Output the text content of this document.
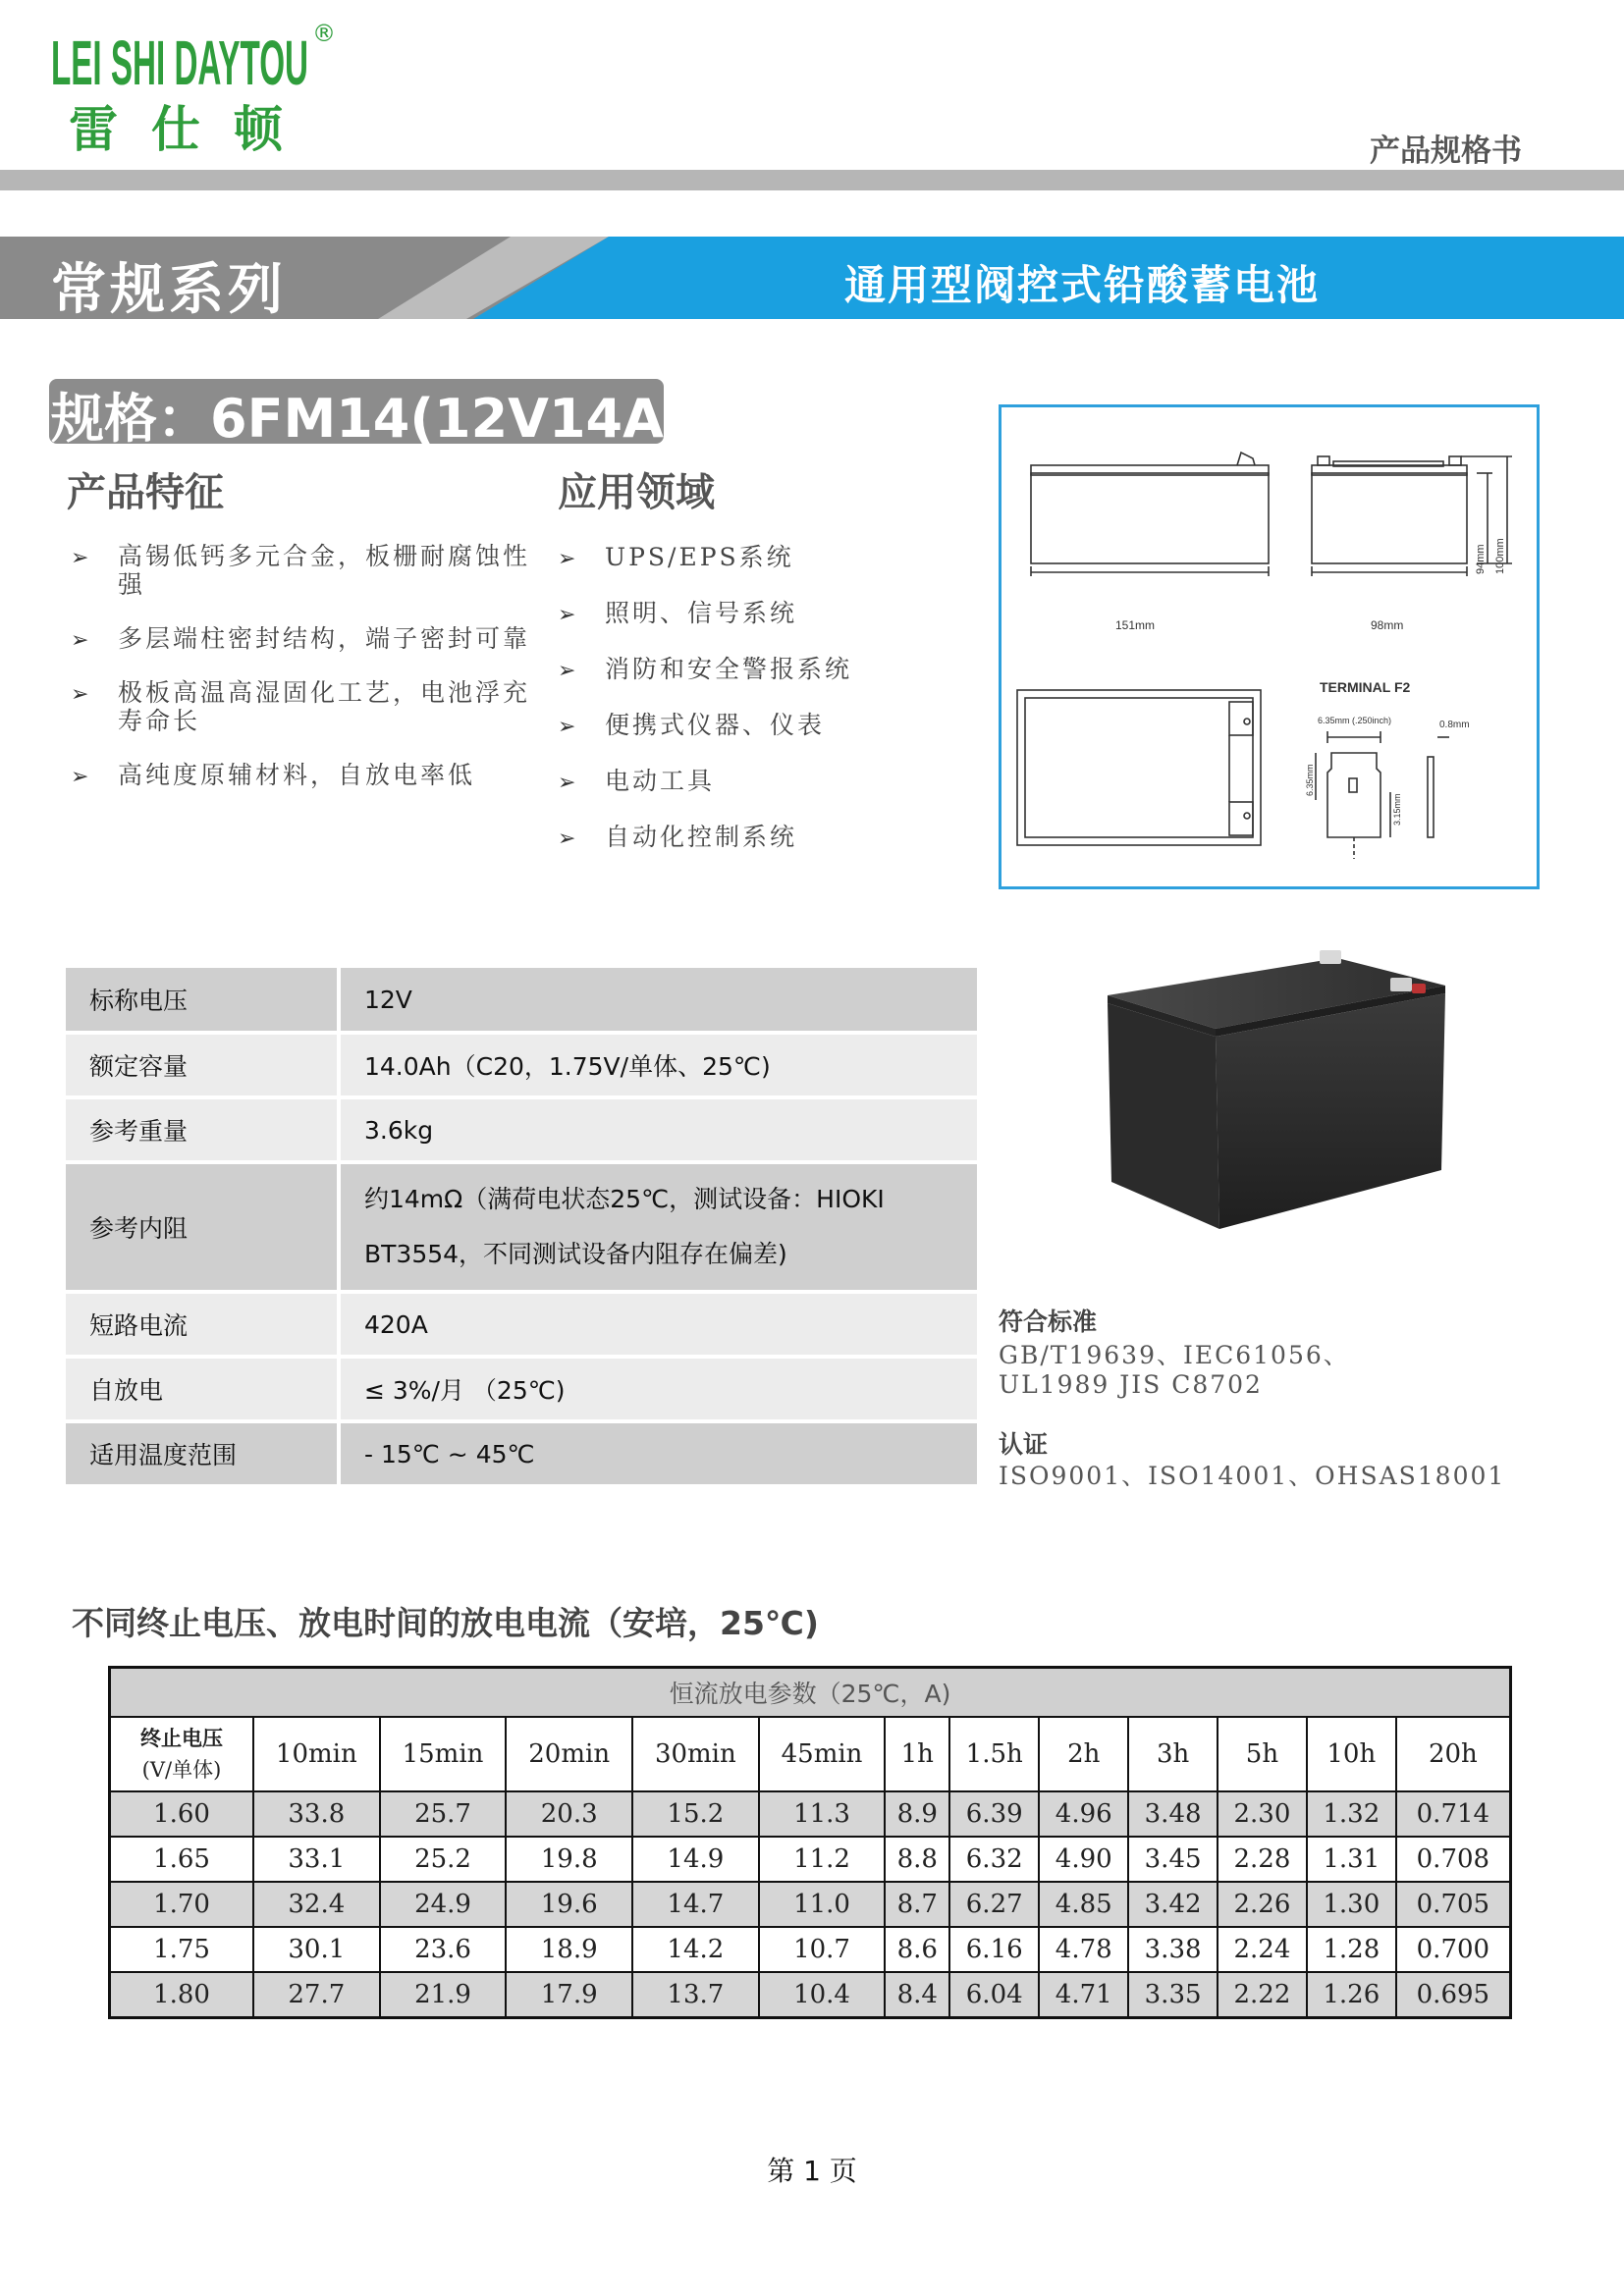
LEI SHI DAYTOU ®
雷仕顿	产品规格书
常规系列	通用型阀控式铅酸蓄电池
规格：6FM14(12V14Ah)
产品特征
➢ 高锡低钙多元合金，板栅耐腐蚀性强
➢ 多层端柱密封结构，端子密封可靠
➢ 极板高温高湿固化工艺，电池浮充寿命长
➢ 高纯度原辅材料，自放电率低
应用领域
➢ UPS/EPS系统
➢ 照明、信号系统
➢ 消防和安全警报系统
➢ 便携式仪器、仪表
➢ 电动工具
➢ 自动化控制系统
151mm	98mm
94mm 100mm
TERMINAL F2
6.35mm (.250inch)	0.8mm
6.35mm
3.15mm
标称电压	12V
额定容量	14.0Ah（C20，1.75V/单体、25℃)
参考重量	3.6kg
参考内阻	约14mΩ（满荷电状态25℃，测试设备：HIOKI BT3554，不同测试设备内阻存在偏差)
短路电流	420A
自放电	≤ 3%/月 （25℃)
适用温度范围	- 15℃ ~ 45℃
符合标准
GB/T19639、IEC61056、UL1989 JIS C8702
认证
ISO9001、ISO14001、OHSAS18001
不同终止电压、放电时间的放电电流（安培，25℃)
恒流放电参数（25℃，A)												
终止电压
(V/单体)	10min	15min	20min	30min	45min	1h	1.5h	2h	3h	5h	10h	20h
1.60	33.8	25.7	20.3	15.2	11.3	8.9	6.39	4.96	3.48	2.30	1.32	0.714
1.65	33.1	25.2	19.8	14.9	11.2	8.8	6.32	4.90	3.45	2.28	1.31	0.708
1.70	32.4	24.9	19.6	14.7	11.0	8.7	6.27	4.85	3.42	2.26	1.30	0.705
1.75	30.1	23.6	18.9	14.2	10.7	8.6	6.16	4.78	3.38	2.24	1.28	0.700
1.80	27.7	21.9	17.9	13.7	10.4	8.4	6.04	4.71	3.35	2.22	1.26	0.695
第 1 页
